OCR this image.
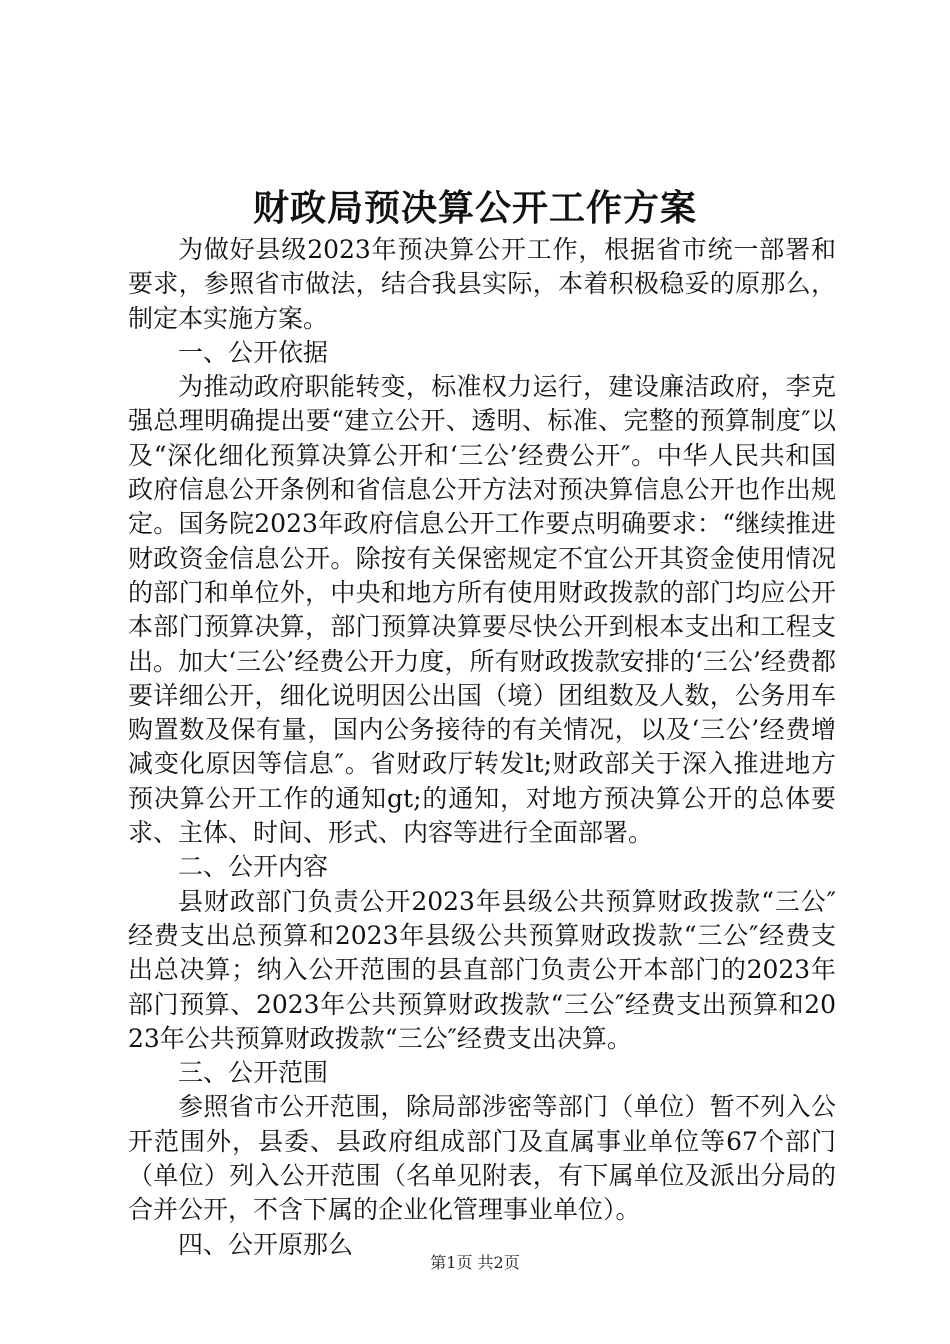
财政局预决算公开工作方案

为做好县级2023年预决算公开工作，根据省市统一部署和要求，参照省市做法，结合我县实际，本着积极稳妥的原那么，制定本实施方案。

一、公开依据

为推动政府职能转变，标准权力运行，建设廉洁政府，李克强总理明确提出要“建立公开、透明、标准、完整的预算制度″以及“深化细化预算决算公开和‘三公’经费公开″。中华人民共和国政府信息公开条例和省信息公开方法对预决算信息公开也作出规定。国务院2023年政府信息公开工作要点明确要求：“继续推进财政资金信息公开。除按有关保密规定不宜公开其资金使用情况的部门和单位外，中央和地方所有使用财政拨款的部门均应公开本部门预算决算，部门预算决算要尽快公开到根本支出和工程支出。加大‘三公’经费公开力度，所有财政拨款安排的‘三公’经费都要详细公开，细化说明因公出国（境）团组数及人数，公务用车购置数及保有量，国内公务接待的有关情况，以及‘三公’经费增减变化原因等信息″。省财政厅转发lt;财政部关于深入推进地方预决算公开工作的通知gt;的通知，对地方预决算公开的总体要求、主体、时间、形式、内容等进行全面部署。

二、公开内容

县财政部门负责公开2023年县级公共预算财政拨款“三公″经费支出总预算和2023年县级公共预算财政拨款“三公″经费支出总决算；纳入公开范围的县直部门负责公开本部门的2023年部门预算、2023年公共预算财政拨款“三公″经费支出预算和2023年公共预算财政拨款“三公″经费支出决算。

三、公开范围

参照省市公开范围，除局部涉密等部门（单位）暂不列入公开范围外，县委、县政府组成部门及直属事业单位等67个部门（单位）列入公开范围（名单见附表，有下属单位及派出分局的合并公开，不含下属的企业化管理事业单位）。

四、公开原那么

第1页 共2页
